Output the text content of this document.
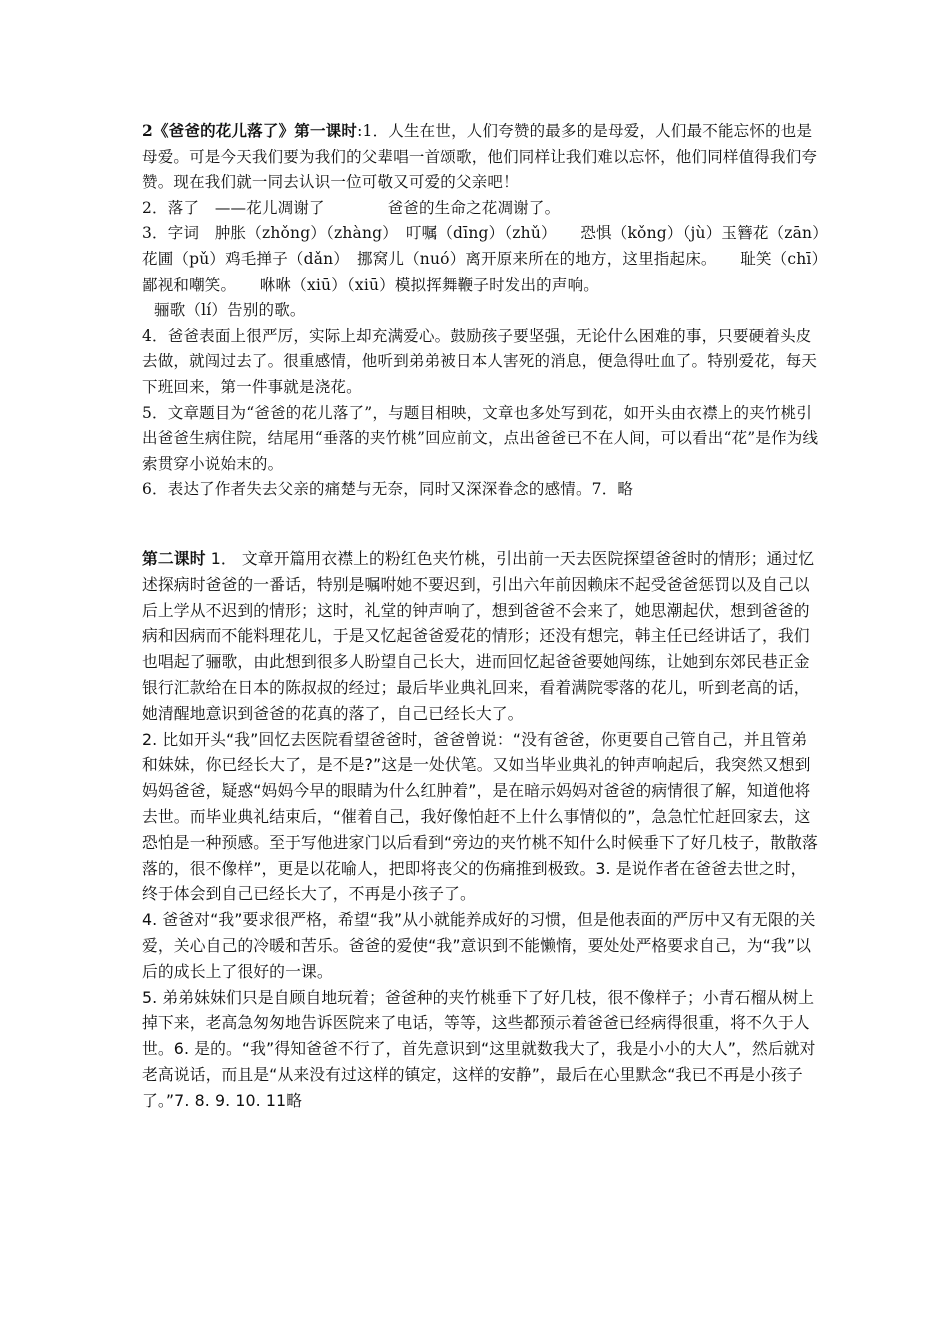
2《爸爸的花儿落了》第一课时:1．人生在世，人们夸赞的最多的是母爱，人们最不能忘怀的也是母爱。可是今天我们要为我们的父辈唱一首颂歌，他们同样让我们难以忘怀，他们同样值得我们夸赞。现在我们就一同去认识一位可敬又可爱的父亲吧！

2．落了　——花儿凋谢了　　　　爸爸的生命之花凋谢了。

3．字词　肿胀（zhǒng）（zhàng）　叮嘱（dīng）（zhǔ）　　恐惧（kǒng）（jù）玉簪花（zān）花圃（pǔ）鸡毛掸子（dǎn）　挪窝儿（nuó）离开原来所在的地方，这里指起床。　　耻笑（chī）鄙视和嘲笑。　　咻咻（xiū）（xiū）模拟挥舞鞭子时发出的声响。

骊歌（lí）告别的歌。

4．爸爸表面上很严厉，实际上却充满爱心。鼓励孩子要坚强，无论什么困难的事，只要硬着头皮去做，就闯过去了。很重感情，他听到弟弟被日本人害死的消息，便急得吐血了。特别爱花，每天下班回来，第一件事就是浇花。

5．文章题目为“爸爸的花儿落了”，与题目相映，文章也多处写到花，如开头由衣襟上的夹竹桃引出爸爸生病住院，结尾用“垂落的夹竹桃”回应前文，点出爸爸已不在人间，可以看出“花”是作为线索贯穿小说始末的。

6．表达了作者失去父亲的痛楚与无奈，同时又深深眷念的感情。7．略

第二课时 1． 文章开篇用衣襟上的粉红色夹竹桃，引出前一天去医院探望爸爸时的情形；通过忆述探病时爸爸的一番话，特别是嘱咐她不要迟到，引出六年前因赖床不起受爸爸惩罚以及自己以后上学从不迟到的情形；这时，礼堂的钟声响了，想到爸爸不会来了，她思潮起伏，想到爸爸的病和因病而不能料理花儿，于是又忆起爸爸爱花的情形；还没有想完，韩主任已经讲话了，我们也唱起了骊歌，由此想到很多人盼望自己长大，进而回忆起爸爸要她闯练，让她到东郊民巷正金银行汇款给在日本的陈叔叔的经过；最后毕业典礼回来，看着满院零落的花儿，听到老高的话，她清醒地意识到爸爸的花真的落了，自己已经长大了。

2. 比如开头“我”回忆去医院看望爸爸时，爸爸曾说：“没有爸爸，你更要自己管自己，并且管弟和妹妹，你已经长大了，是不是?”这是一处伏笔。又如当毕业典礼的钟声响起后，我突然又想到妈妈爸爸，疑惑“妈妈今早的眼睛为什么红肿着”，是在暗示妈妈对爸爸的病情很了解，知道他将去世。而毕业典礼结束后，“催着自己，我好像怕赶不上什么事情似的”，急急忙忙赶回家去，这恐怕是一种预感。至于写他进家门以后看到“旁边的夹竹桃不知什么时候垂下了好几枝子，散散落落的，很不像样”，更是以花喻人，把即将丧父的伤痛推到极致。3. 是说作者在爸爸去世之时，终于体会到自己已经长大了，不再是小孩子了。

4. 爸爸对“我”要求很严格，希望“我”从小就能养成好的习惯，但是他表面的严厉中又有无限的关爱，关心自己的冷暖和苦乐。爸爸的爱使“我”意识到不能懒惰，要处处严格要求自己，为“我”以后的成长上了很好的一课。

5. 弟弟妹妹们只是自顾自地玩着；爸爸种的夹竹桃垂下了好几枝，很不像样子；小青石榴从树上掉下来，老高急匆匆地告诉医院来了电话，等等，这些都预示着爸爸已经病得很重，将不久于人世。6. 是的。“我”得知爸爸不行了，首先意识到“这里就数我大了，我是小小的大人”，然后就对老高说话，而且是“从来没有过这样的镇定，这样的安静”，最后在心里默念“我已不再是小孩子了。”7. 8. 9. 10. 11略
